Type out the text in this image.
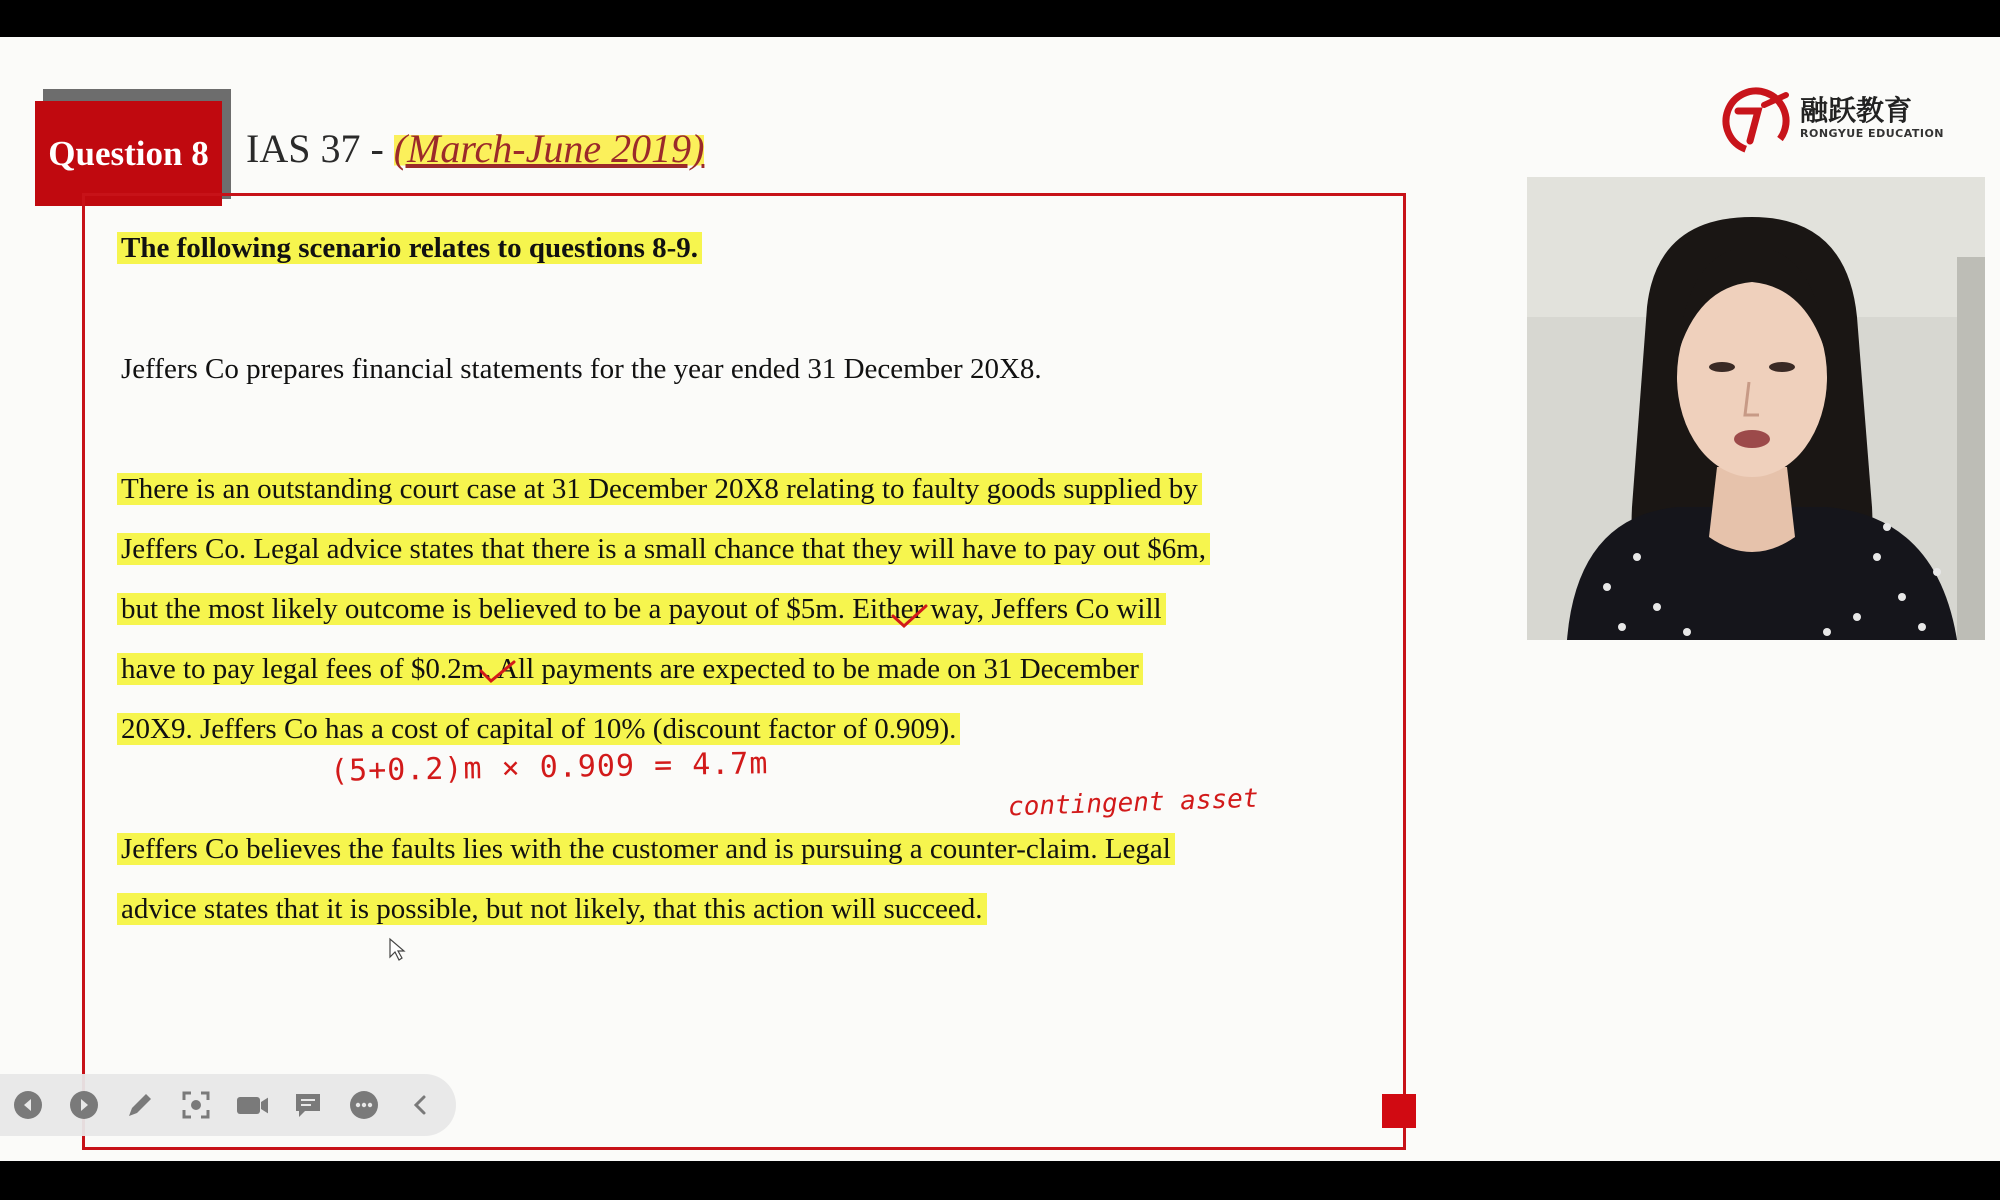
Question 8 IAS 37 - (March-June 2019)
融跃教育
RONGYUE EDUCATION
The following scenario relates to questions 8-9.
Jeffers Co prepares financial statements for the year ended 31 December 20X8.
There is an outstanding court case at 31 December 20X8 relating to faulty goods supplied by
Jeffers Co. Legal advice states that there is a small chance that they will have to pay out $6m,
but the most likely outcome is believed to be a payout of $5m. Either way, Jeffers Co will
have to pay legal fees of $0.2m. All payments are expected to be made on 31 December
20X9. Jeffers Co has a cost of capital of 10% (discount factor of 0.909).
Jeffers Co believes the faults lies with the customer and is pursuing a counter-claim. Legal
advice states that it is possible, but not likely, that this action will succeed.
(5+0.2)m × 0.909 = 4.7m
contingent asset
